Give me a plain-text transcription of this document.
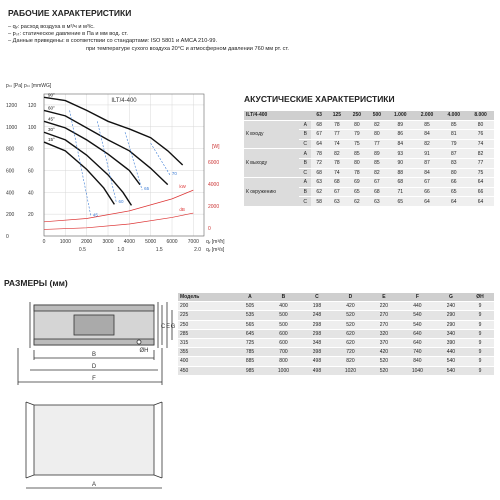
РАБОЧИЕ ХАРАКТЕРИСТИКИ
– qᵥ: расход воздуха в м³/ч и м³/с.
– pₛₜ: статическое давление в Па и мм вод. ст.
– Данные приведены: в соответствии со стандартами: ISO 5801 и AMCA 210-99.
при температуре сухого воздуха 20°С и атмосферном давлении 760 мм рт. ст.
ILT/4-400
pₛₜ [Pa] pₛₜ [mmWG]
0
200
400
600
800
1000
1200
20
40
60
80
100
120
0	1000 2000 3000 4000 5000 6000 7000 qᵥ [m³/h]
0.5	1.0	1.5	2.0 qᵥ [m³/s]
[W]
6000
4000
2000
0
90°
60°
45°
30°
15°
kW
dB
45
60
65
70
АКУСТИЧЕСКИЕ ХАРАКТЕРИСТИКИ
ILT/4-400		63	125	250	500	1.000	2.000	4.000	8.000
К входу	A	68	78	80	82	89	85	85	80
	B	67	77	79	80	86	84	81	76
	C	64	74	75	77	84	82	79	74
К выходу	A	78	82	85	89	93	91	87	82
	B	72	78	80	85	90	87	83	77
	C	68	74	78	82	88	84	80	75
К окружению	A	63	68	69	67	68	67	66	64
	B	62	67	65	68	71	66	65	66
	C	58	63	62	63	65	64	64	64
РАЗМЕРЫ (мм)
Модель	A	B	C	D	E	F	G	ØH
200	505	400	198	420	220	440	240	9
225	535	500	248	520	270	540	290	9
250	565	500	298	520	270	540	290	9
285	645	600	298	620	320	640	340	9
315	725	600	348	620	370	640	390	9
355	785	700	398	720	420	740	440	9
400	885	800	498	820	520	840	540	9
450	985	1000	498	1020	520	1040	540	9
C E G
B
D
F
ØH
A
